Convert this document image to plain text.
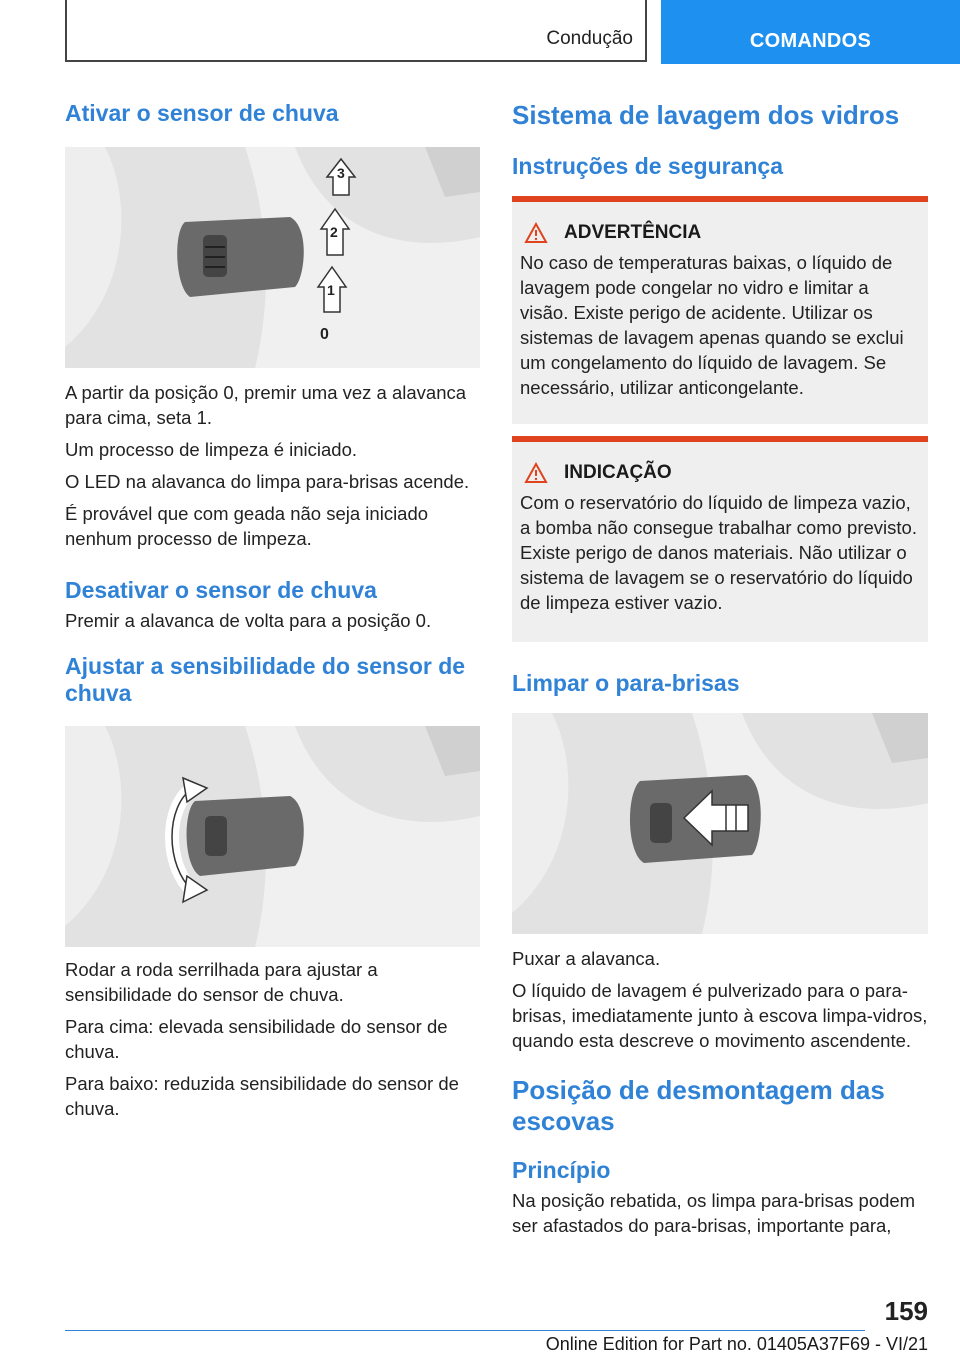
Condução	COMANDOS
Ativar o sensor de chuva
3
2
1
0

A partir da posição 0, premir uma vez a alavanca para cima, seta 1.

Um processo de limpeza é iniciado.

O LED na alavanca do limpa para-brisas acende.

É provável que com geada não seja iniciado nenhum processo de limpeza.

Desativar o sensor de chuva

Premir a alavanca de volta para a posição 0.

Ajustar a sensibilidade do sensor de chuva

Rodar a roda serrilhada para ajustar a sensibilidade do sensor de chuva.

Para cima: elevada sensibilidade do sensor de chuva.

Para baixo: reduzida sensibilidade do sensor de chuva.

Sistema de lavagem dos vidros
Instruções de segurança
ADVERTÊNCIA

No caso de temperaturas baixas, o líquido de lavagem pode congelar no vidro e limitar a visão. Existe perigo de acidente. Utilizar os sistemas de lavagem apenas quando se exclui um congelamento do líquido de lavagem. Se necessário, utilizar anticongelante.

INDICAÇÃO

Com o reservatório do líquido de limpeza vazio, a bomba não consegue trabalhar como previsto. Existe perigo de danos materiais. Não utilizar o sistema de lavagem se o reservatório do líquido de limpeza estiver vazio.

Limpar o para-brisas

Puxar a alavanca.

O líquido de lavagem é pulverizado para o para-brisas, imediatamente junto à escova limpa-vidros, quando esta descreve o movimento ascendente.

Posição de desmontagem das escovas
Princípio

Na posição rebatida, os limpa para-brisas podem ser afastados do para-brisas, importante para,

159
Online Edition for Part no. 01405A37F69 - VI/21
